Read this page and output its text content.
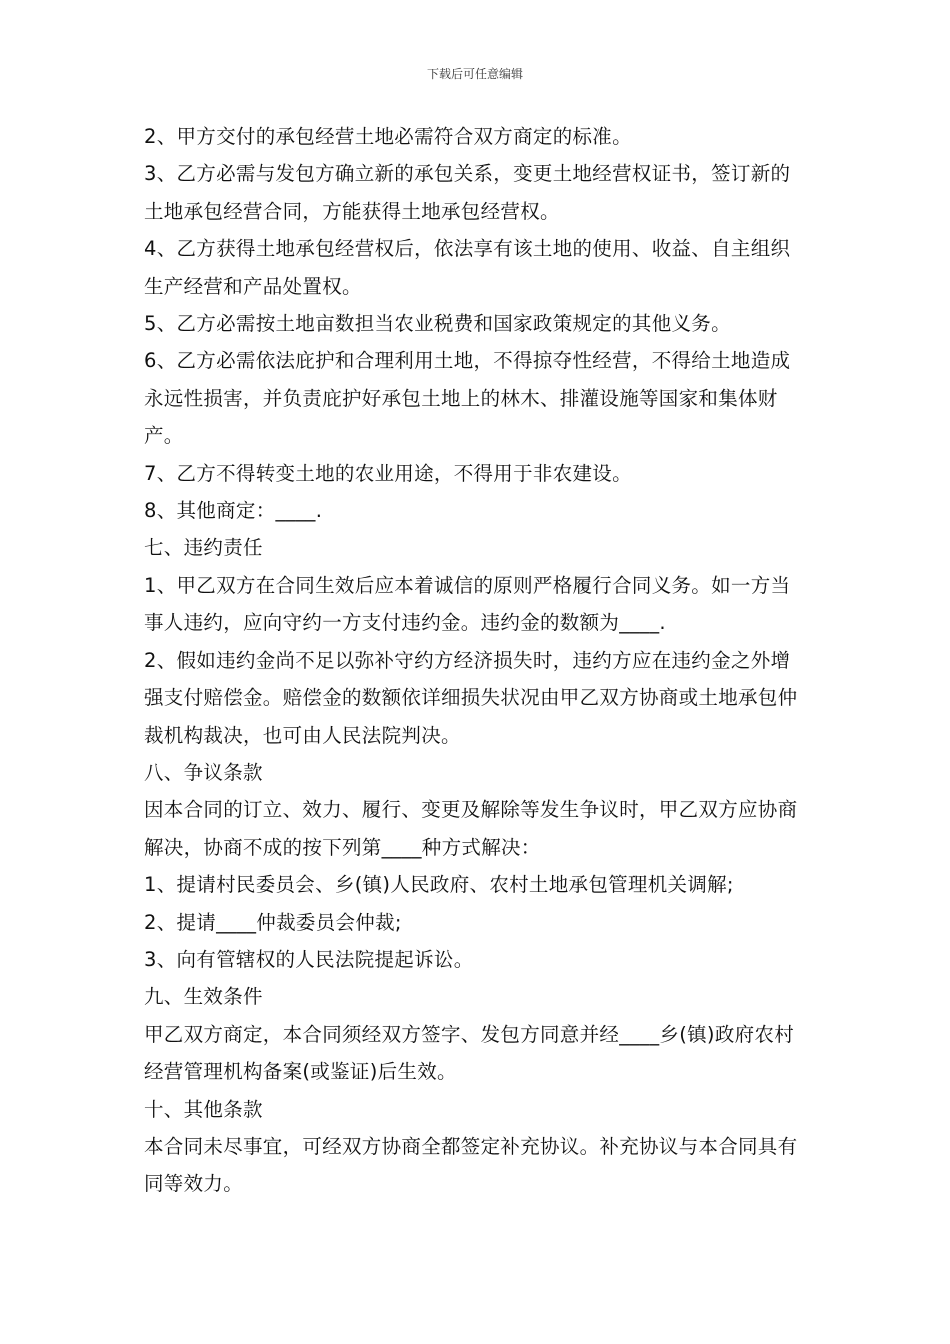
下载后可任意编辑

2、甲方交付的承包经营土地必需符合双方商定的标准。

3、乙方必需与发包方确立新的承包关系，变更土地经营权证书，签订新的土地承包经营合同，方能获得土地承包经营权。

4、乙方获得土地承包经营权后，依法享有该土地的使用、收益、自主组织生产经营和产品处置权。

5、乙方必需按土地亩数担当农业税费和国家政策规定的其他义务。

6、乙方必需依法庇护和合理利用土地，不得掠夺性经营，不得给土地造成永远性损害，并负责庇护好承包土地上的林木、排灌设施等国家和集体财产。

7、乙方不得转变土地的农业用途，不得用于非农建设。

8、其他商定：____.

七、违约责任

1、甲乙双方在合同生效后应本着诚信的原则严格履行合同义务。如一方当事人违约，应向守约一方支付违约金。违约金的数额为____.

2、假如违约金尚不足以弥补守约方经济损失时，违约方应在违约金之外增强支付赔偿金。赔偿金的数额依详细损失状况由甲乙双方协商或土地承包仲裁机构裁决，也可由人民法院判决。

八、争议条款

因本合同的订立、效力、履行、变更及解除等发生争议时，甲乙双方应协商解决，协商不成的按下列第____种方式解决：

1、提请村民委员会、乡(镇)人民政府、农村土地承包管理机关调解;

2、提请____仲裁委员会仲裁;

3、向有管辖权的人民法院提起诉讼。

九、生效条件

甲乙双方商定，本合同须经双方签字、发包方同意并经____乡(镇)政府农村经营管理机构备案(或鉴证)后生效。

十、其他条款

本合同未尽事宜，可经双方协商全都签定补充协议。补充协议与本合同具有同等效力。
